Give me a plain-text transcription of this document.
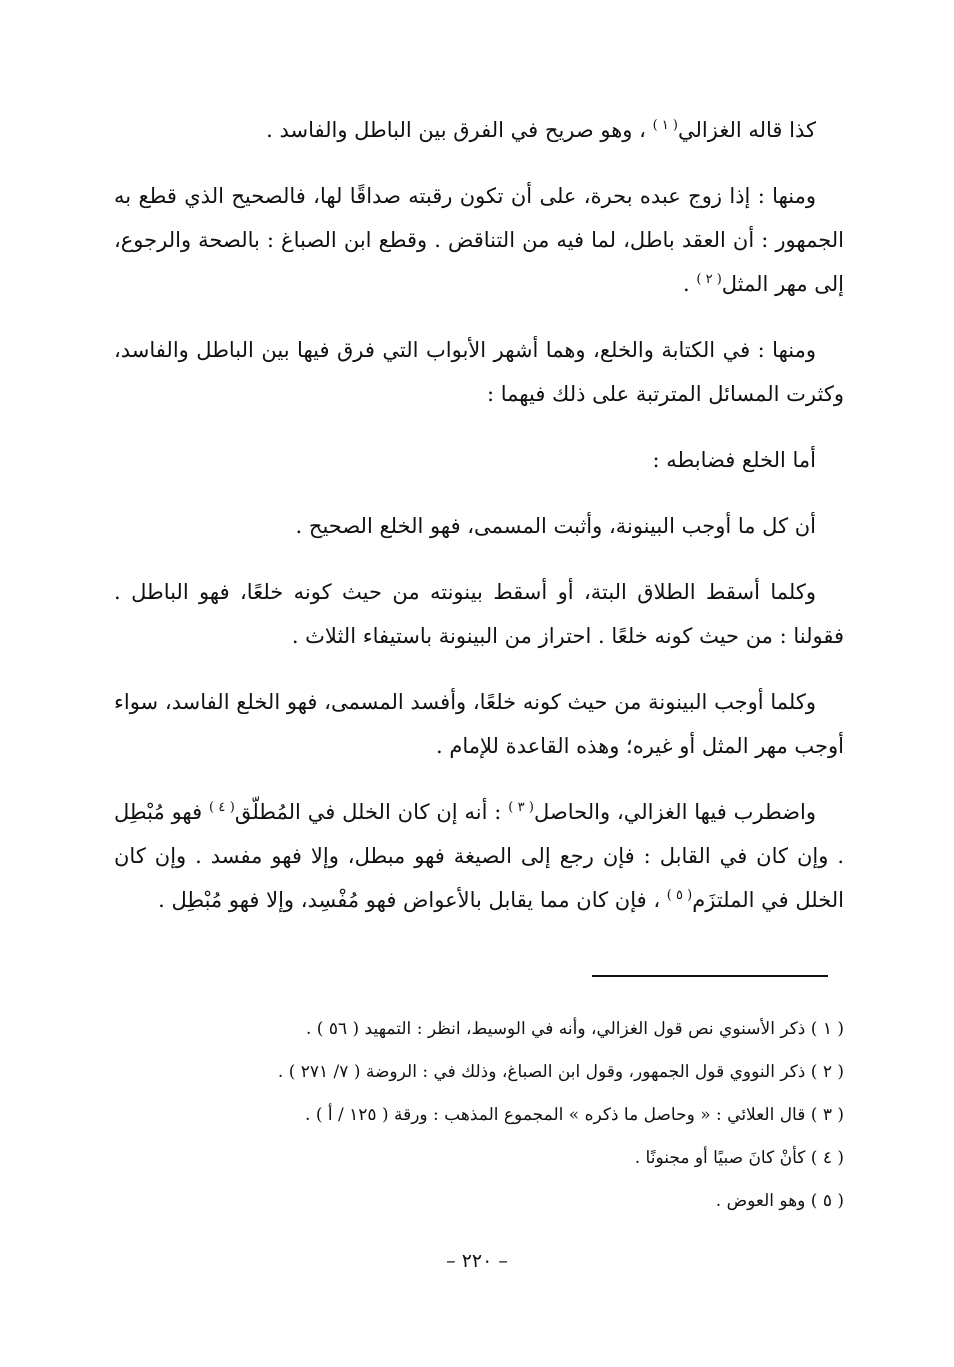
كذا قاله الغزالي$^{( ١ )}$ ، وهو صريح في الفرق بين الباطل والفاسد .

ومنها : إذا زوج عبده بحرة، على أن تكون رقبته صداقًا لها، فالصحيح الذي قطع به الجمهور : أن العقد باطل، لما فيه من التناقض . وقطع ابن الصباغ : بالصحة والرجوع، إلى مهر المثل$^{( ٢ )}$ .

ومنها : في الكتابة والخلع، وهما أشهر الأبواب التي فرق فيها بين الباطل والفاسد، وكثرت المسائل المترتبة على ذلك فيهما :

أما الخلع فضابطه :

أن كل ما أوجب البينونة، وأثبت المسمى، فهو الخلع الصحيح .

وكلما أسقط الطلاق البتة، أو أسقط بينونته من حيث كونه خلعًا، فهو الباطل . فقولنا : من حيث كونه خلعًا . احتراز من البينونة باستيفاء الثلاث .

وكلما أوجب البينونة من حيث كونه خلعًا، وأفسد المسمى، فهو الخلع الفاسد، سواء أوجب مهر المثل أو غيره؛ وهذه القاعدة للإمام .

واضطرب فيها الغزالي، والحاصل$^{( ٣ )}$ : أنه إن كان الخلل في المُطلّق$^{( ٤ )}$ فهو مُبْطِل . وإن كان في القابل : فإن رجع إلى الصيغة فهو مبطل، وإلا فهو مفسد . وإن كان الخلل في الملتزَم$^{( ٥ )}$ ، فإن كان مما يقابل بالأعواض فهو مُفْسِد، وإلا فهو مُبْطِل .

( ١ ) ذكر الأسنوي نص قول الغزالي، وأنه في الوسيط، انظر : التمهيد ( ٥٦ ) .
( ٢ ) ذكر النووي قول الجمهور، وقول ابن الصباغ، وذلك في : الروضة ( ٧/ ٢٧١ ) .
( ٣ ) قال العلائي : « وحاصل ما ذكره » المجموع المذهب : ورقة ( ١٢٥ / أ ) .
( ٤ ) كأنْ كانَ صبيًا أو مجنونًا .
( ٥ ) وهو العوض .
– ٢٢٠ –
